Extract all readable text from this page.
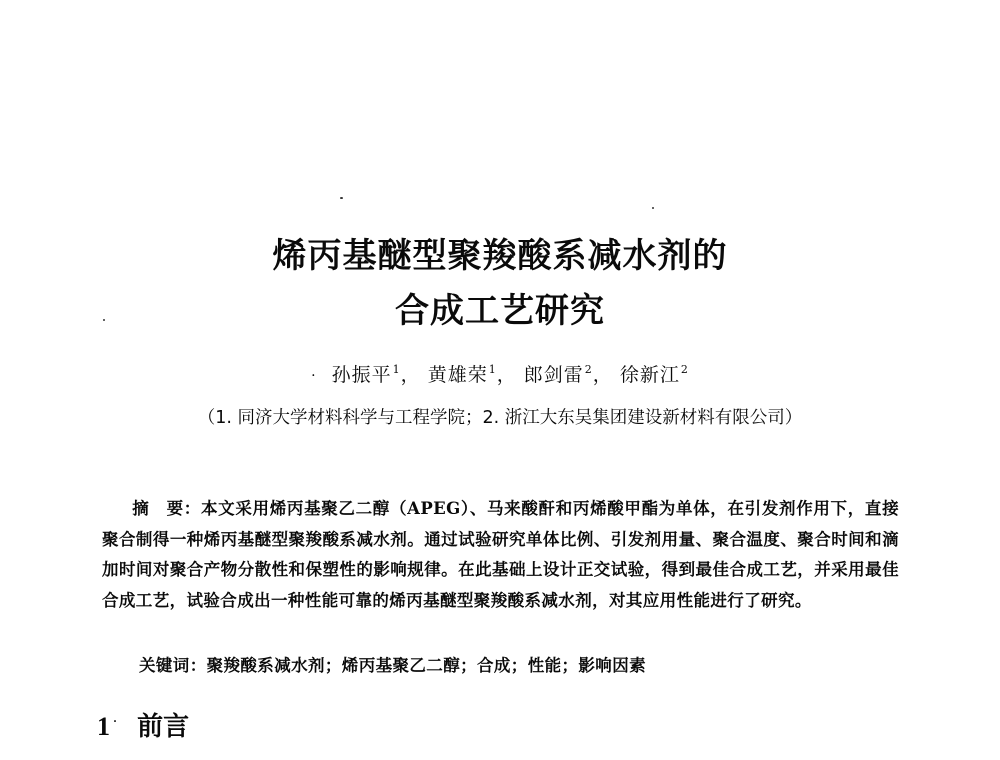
烯丙基醚型聚羧酸系减水剂的
合成工艺研究
· 孙振平$^1$， 黄雄荣$^1$， 郎剑雷$^2$， 徐新江$^2$
（1. 同济大学材料科学与工程学院；2. 浙江大东吴集团建设新材料有限公司）
摘　要：本文采用烯丙基聚乙二醇（APEG）、马来酸酐和丙烯酸甲酯为单体，在引发剂作用下，直接聚合制得一种烯丙基醚型聚羧酸系减水剂。通过试验研究单体比例、引发剂用量、聚合温度、聚合时间和滴加时间对聚合产物分散性和保塑性的影响规律。在此基础上设计正交试验，得到最佳合成工艺，并采用最佳合成工艺，试验合成出一种性能可靠的烯丙基醚型聚羧酸系减水剂，对其应用性能进行了研究。
关键词：聚羧酸系减水剂；烯丙基聚乙二醇；合成；性能；影响因素
1 · 前言
